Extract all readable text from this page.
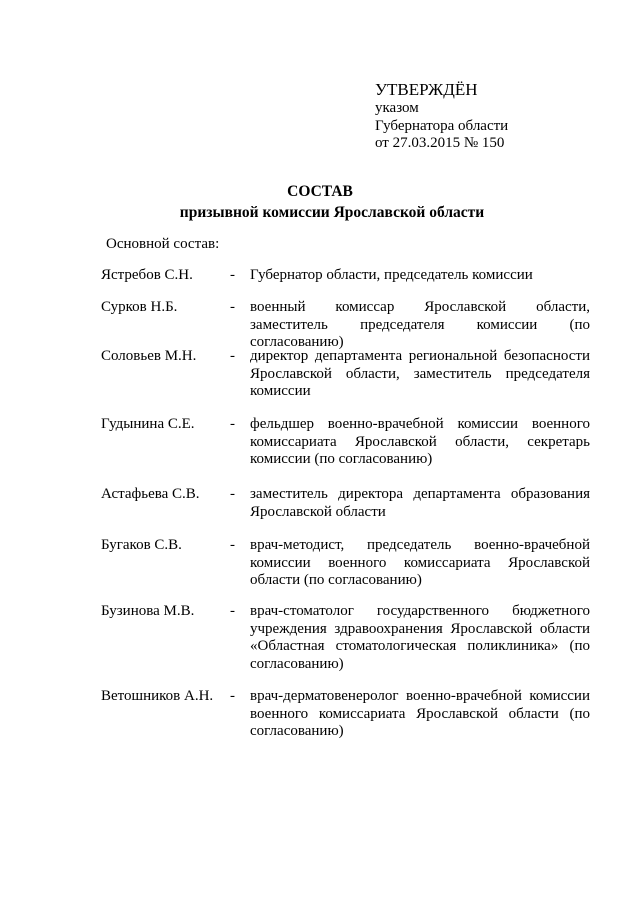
УТВЕРЖДЁН
указом
Губернатора области
от 27.03.2015 № 150
СОСТАВ
призывной комиссии Ярославской области
Основной состав:
Ястребов С.Н. - Губернатор области, председатель комиссии
Сурков Н.Б.	- военный комиссар Ярославской области, заместитель председателя комиссии (по согласованию)
Соловьев М.Н. - директор департамента региональной безопасности Ярославской области, заместитель председателя комиссии
Гудынина С.Е. - фельдшер военно-врачебной комиссии военного комиссариата Ярославской области, секретарь комиссии (по согласованию)
Астафьева С.В. - заместитель директора департамента образования Ярославской области
Бугаков С.В.	- врач-методист, председатель военно-врачебной комиссии военного комиссариата Ярославской области (по согласованию)
Бузинова М.В. - врач-стоматолог государственного бюджетного учреждения здравоохранения Ярославской области «Областная стоматологическая поликлиника» (по согласованию)
Ветошников А.Н. - врач-дерматовенеролог военно-врачебной комиссии военного комиссариата Ярославской области (по согласованию)
